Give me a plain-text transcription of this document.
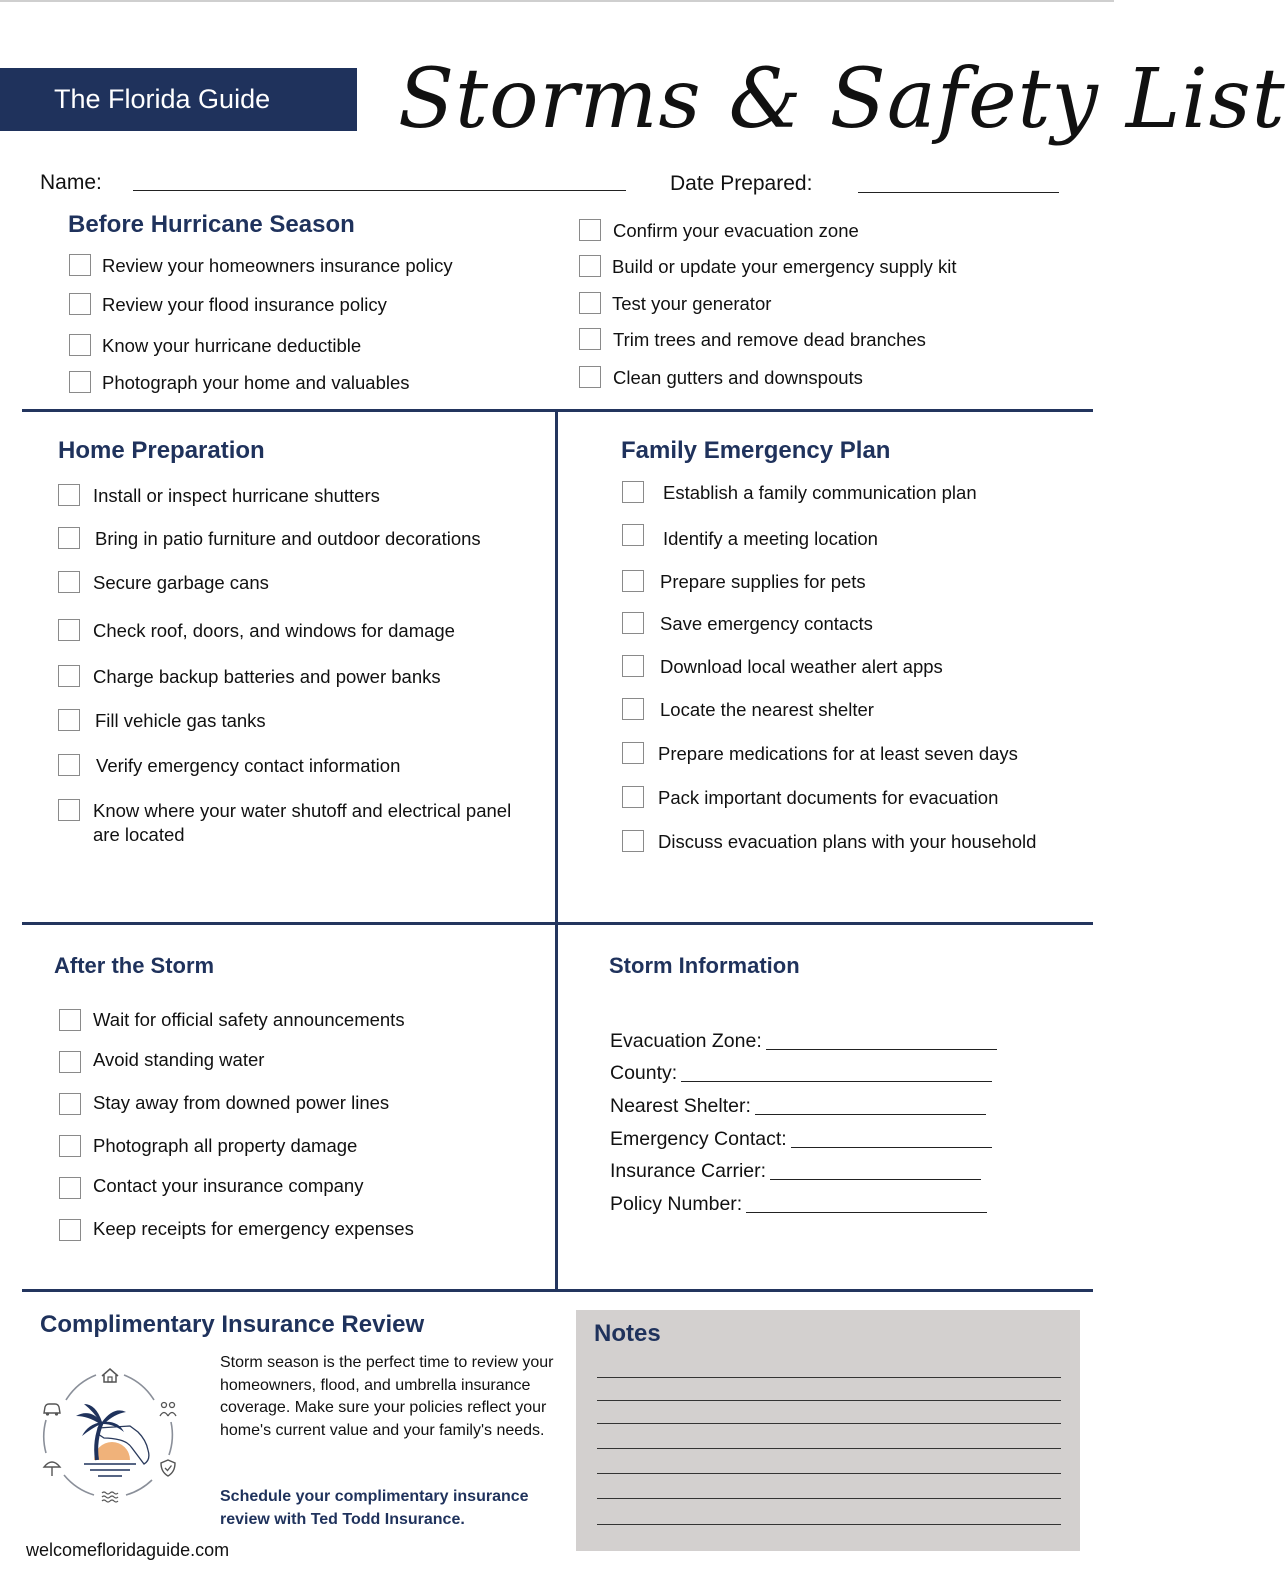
The Florida Guide	Storms & Safety List
Name:	Date Prepared:
Before Hurricane Season
Review your homeowners insurance policy
Review your flood insurance policy
Know your hurricane deductible
Photograph your home and valuables
Confirm your evacuation zone
Build or update your emergency supply kit
Test your generator
Trim trees and remove dead branches
Clean gutters and downspouts
Home Preparation
Install or inspect hurricane shutters
Bring in patio furniture and outdoor decorations
Secure garbage cans
Check roof, doors, and windows for damage
Charge backup batteries and power banks
Fill vehicle gas tanks
Verify emergency contact information
Know where your water shutoff and electrical panel are located
Family Emergency Plan
Establish a family communication plan
Identify a meeting location
Prepare supplies for pets
Save emergency contacts
Download local weather alert apps
Locate the nearest shelter
Prepare medications for at least seven days
Pack important documents for evacuation
Discuss evacuation plans with your household
After the Storm
Wait for official safety announcements
Avoid standing water
Stay away from downed power lines
Photograph all property damage
Contact your insurance company
Keep receipts for emergency expenses
Storm Information
Evacuation Zone:
County:
Nearest Shelter:
Emergency Contact:
Insurance Carrier:
Policy Number:
Complimentary Insurance Review
Storm season is the perfect time to review your homeowners, flood, and umbrella insurance coverage. Make sure your policies reflect your home's current value and your family's needs.
Schedule your complimentary insurance review with Ted Todd Insurance.
Notes
welcomefloridaguide.com
